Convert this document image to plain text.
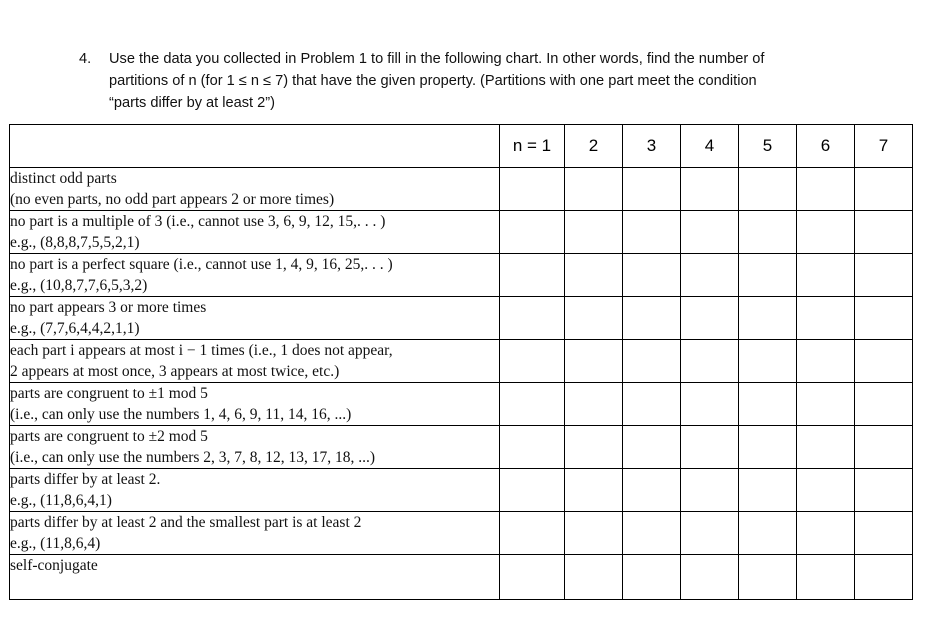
4. Use the data you collected in Problem 1 to fill in the following chart. In other words, find the number of
partitions of n (for 1 ≤ n ≤ 7) that have the given property. (Partitions with one part meet the condition
“parts differ by at least 2”)
	n = 1	2	3	4	5	6	7

distinct odd parts
(no even parts, no odd part appears 2 or more times)							

no part is a multiple of 3 (i.e., cannot use 3, 6, 9, 12, 15,. . . )
e.g., (8,8,8,7,5,5,2,1)							

no part is a perfect square (i.e., cannot use 1, 4, 9, 16, 25,. . . )
e.g., (10,8,7,7,6,5,3,2)							

no part appears 3 or more times
e.g., (7,7,6,4,4,2,1,1)							

each part i appears at most i − 1 times (i.e., 1 does not appear,
2 appears at most once, 3 appears at most twice, etc.)							

parts are congruent to ±1 mod 5
(i.e., can only use the numbers 1, 4, 6, 9, 11, 14, 16, ...)							

parts are congruent to ±2 mod 5
(i.e., can only use the numbers 2, 3, 7, 8, 12, 13, 17, 18, ...)							

parts differ by at least 2.
e.g., (11,8,6,4,1)							

parts differ by at least 2 and the smallest part is at least 2
e.g., (11,8,6,4)							

self-conjugate							
